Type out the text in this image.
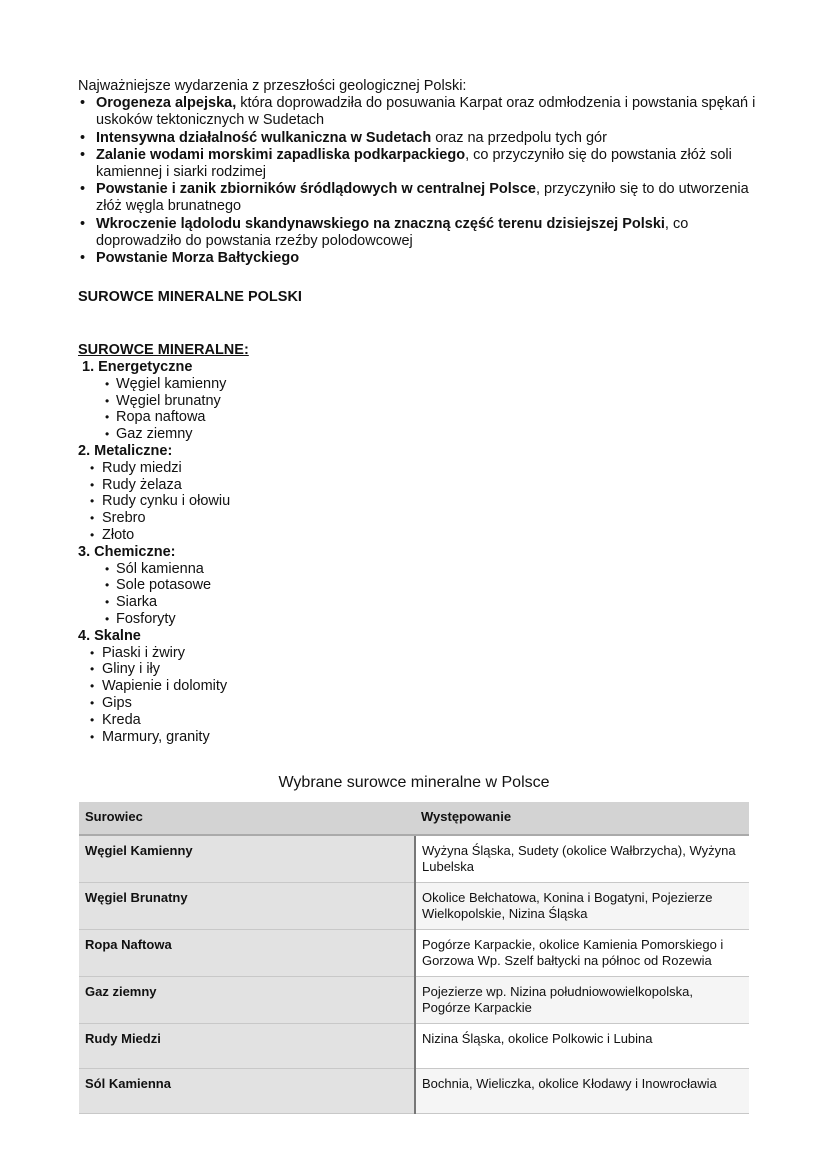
Najważniejsze wydarzenia z przeszłości geologicznej Polski:
• Orogeneza alpejska, która doprowadziła do posuwania Karpat oraz odmłodzenia i powstania spękań i uskoków tektonicznych w Sudetach
• Intensywna działalność wulkaniczna w Sudetach oraz na przedpolu tych gór
• Zalanie wodami morskimi zapadliska podkarpackiego, co przyczyniło się do powstania złóż soli kamiennej i siarki rodzimej
• Powstanie i zanik zbiorników śródlądowych w centralnej Polsce, przyczyniło się to do utworzenia złóż węgla brunatnego
• Wkroczenie lądolodu skandynawskiego na znaczną część terenu dzisiejszej Polski, co doprowadziło do powstania rzeźby polodowcowej
• Powstanie Morza Bałtyckiego
SUROWCE MINERALNE POLSKI
SUROWCE MINERALNE:
1. Energetyczne
• Węgiel kamienny
• Węgiel brunatny
• Ropa naftowa
• Gaz ziemny
2. Metaliczne:
• Rudy miedzi
• Rudy żelaza
• Rudy cynku i ołowiu
• Srebro
• Złoto
3. Chemiczne:
• Sól kamienna
• Sole potasowe
• Siarka
• Fosforyty
4. Skalne
• Piaski i żwiry
• Gliny i iły
• Wapienie i dolomity
• Gips
• Kreda
• Marmury, granity
Wybrane surowce mineralne w Polsce
Surowiec	Występowanie
Węgiel Kamienny	Wyżyna Śląska, Sudety (okolice Wałbrzycha), Wyżyna Lubelska
Węgiel Brunatny	Okolice Bełchatowa, Konina i Bogatyni, Pojezierze Wielkopolskie, Nizina Śląska
Ropa Naftowa	Pogórze Karpackie, okolice Kamienia Pomorskiego i Gorzowa Wp. Szelf bałtycki na północ od Rozewia
Gaz ziemny	Pojezierze wp. Nizina południowowielkopolska, Pogórze Karpackie
Rudy Miedzi	Nizina Śląska, okolice Polkowic i Lubina
Sól Kamienna	Bochnia, Wieliczka, okolice Kłodawy i Inowrocławia
